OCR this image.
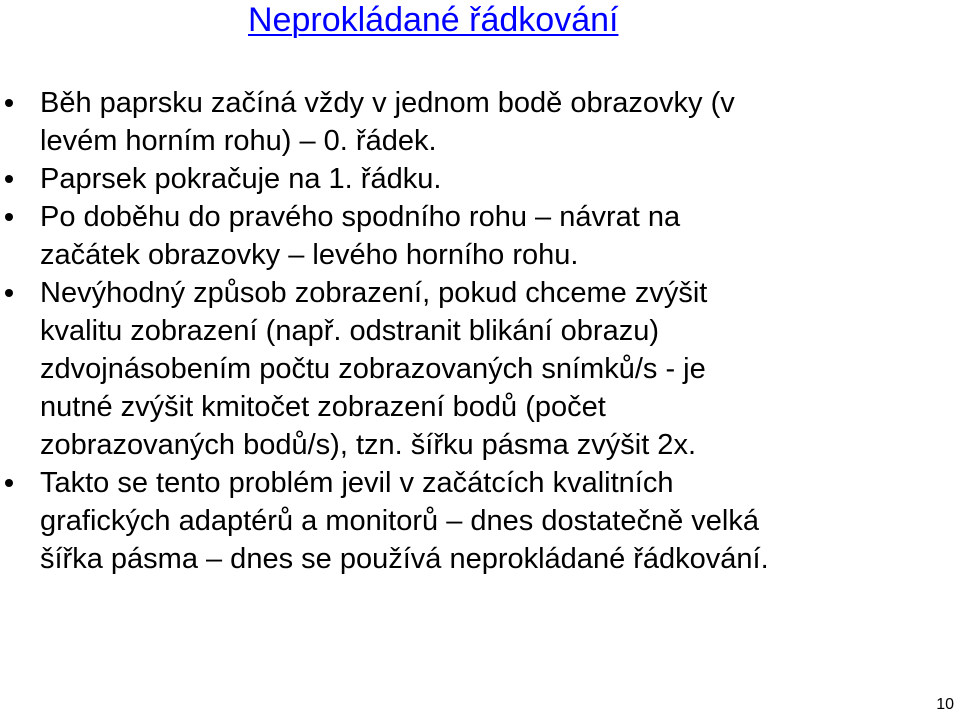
Neprokládané řádkování
Běh paprsku začíná vždy v jednom bodě obrazovky (v
levém horním rohu) – 0. řádek.
Paprsek pokračuje na 1. řádku.
Po doběhu do pravého spodního rohu – návrat na
začátek obrazovky – levého horního rohu.
Nevýhodný způsob zobrazení, pokud chceme zvýšit
kvalitu zobrazení (např. odstranit blikání obrazu)
zdvojnásobením počtu zobrazovaných snímků/s - je
nutné zvýšit kmitočet zobrazení bodů (počet
zobrazovaných bodů/s), tzn. šířku pásma zvýšit 2x.
Takto se tento problém jevil v začátcích kvalitních
grafických adaptérů a monitorů – dnes dostatečně velká
šířka pásma – dnes se používá neprokládané řádkování.
10
